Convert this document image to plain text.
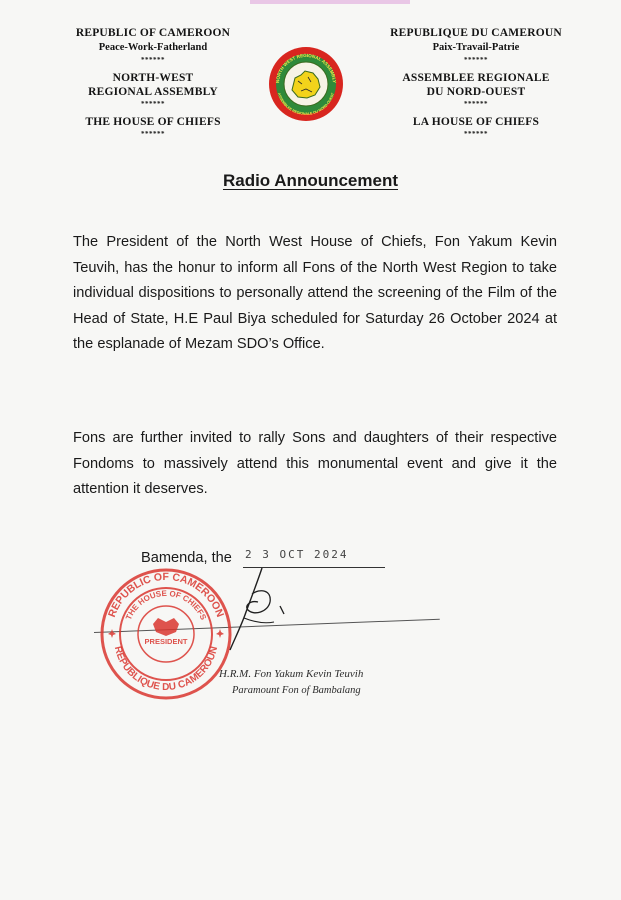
REPUBLIC OF CAMEROON
Peace-Work-Fatherland
******
NORTH-WEST
REGIONAL ASSEMBLY
******
THE HOUSE OF CHIEFS
******
NORTH WEST REGIONAL ASSEMBLY
ASSEMBLEE REGIONALE DU NORD-OUEST
REPUBLIQUE DU CAMEROUN
Paix-Travail-Patrie
******
ASSEMBLEE REGIONALE
DU NORD-OUEST
******
LA HOUSE OF CHIEFS
******
Radio Announcement
The President of the North West House of Chiefs, Fon Yakum Kevin Teuvih, has the honur to inform all Fons of the North West Region to take individual dispositions to personally attend the screening of the Film of the Head of State, H.E Paul Biya scheduled for Saturday 26 October 2024 at the esplanade of Mezam SDO’s Office.
Fons are further invited to rally Sons and daughters of their respective Fondoms to massively attend this monumental event and give it the attention it deserves.
Bamenda, the 2 3 OCT 2024
REPUBLIC OF CAMEROON
THE HOUSE OF CHIEFS
REPUBLIQUE DU CAMEROUN
PRESIDENT
H.R.M. Fon Yakum Kevin Teuvih
Paramount Fon of Bambalang
